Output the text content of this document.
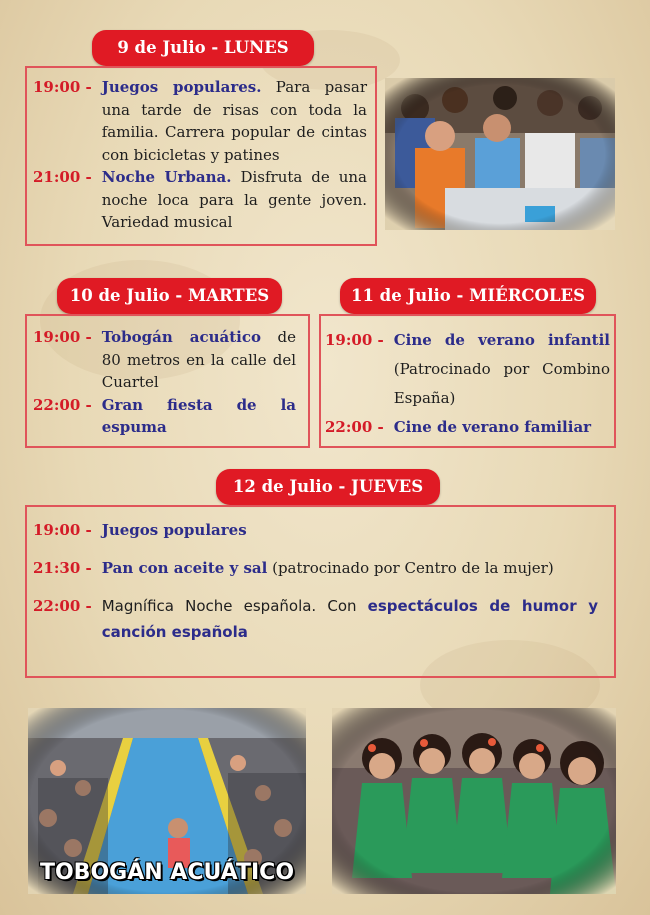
9 de Julio - LUNES
19:00 - Juegos populares. Para pasar una tarde de risas con toda la familia. Carrera popular de cintas con bicicletas y patines
21:00 - Noche Urbana. Disfruta de una noche loca para la gente joven. Variedad musical
10 de Julio - MARTES
19:00 - Tobogán acuático de 80 metros en la calle del Cuartel
22:00 - Gran fiesta de la espuma
11 de Julio - MIÉRCOLES
19:00 - Cine de verano infantil (Patrocinado por Combino España)
22:00 - Cine de verano familiar
12 de Julio - JUEVES
19:00 - Juegos populares
21:30 - Pan con aceite y sal (patrocinado por Centro de la mujer)
22:00 - Magnífica Noche española. Con espectáculos de humor y canción española
TOBOGÁN ACUÁTICO
